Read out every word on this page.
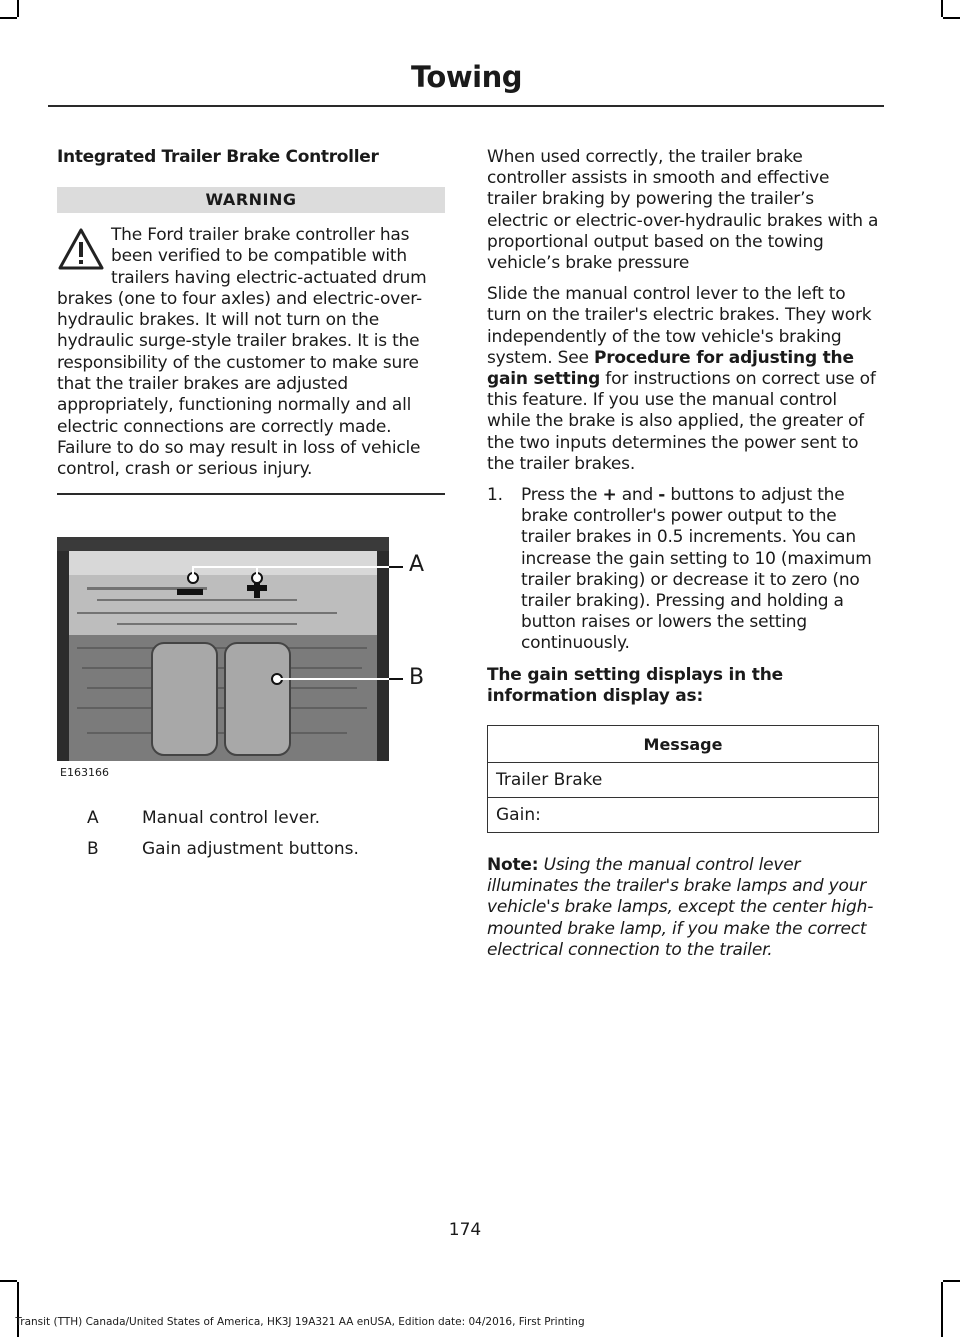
Towing
Integrated Trailer Brake Controller
WARNING
The Ford trailer brake controller has been verified to be compatible with trailers having electric-actuated drum brakes (one to four axles) and electric-over-hydraulic brakes. It will not turn on the hydraulic surge-style trailer brakes. It is the responsibility of the customer to make sure that the trailer brakes are adjusted appropriately, functioning normally and all electric connections are correctly made. Failure to do so may result in loss of vehicle control, crash or serious injury.
A
B
E163166
A	Manual control lever.
B	Gain adjustment buttons.

When used correctly, the trailer brake controller assists in smooth and effective trailer braking by powering the trailer’s electric or electric-over-hydraulic brakes with a proportional output based on the towing vehicle’s brake pressure

Slide the manual control lever to the left to turn on the trailer's electric brakes. They work independently of the tow vehicle's braking system. See Procedure for adjusting the gain setting for instructions on correct use of this feature. If you use the manual control while the brake is also applied, the greater of the two inputs determines the power sent to the trailer brakes.

1.	Press the + and - buttons to adjust the brake controller's power output to the trailer brakes in 0.5 increments. You can increase the gain setting to 10 (maximum trailer braking) or decrease it to zero (no trailer braking). Pressing and holding a button raises or lowers the setting continuously.
The gain setting displays in the information display as:
Message
Trailer Brake
Gain:
Note: Using the manual control lever illuminates the trailer's brake lamps and your vehicle's brake lamps, except the center high-mounted brake lamp, if you make the correct electrical connection to the trailer.
174
Transit (TTH) Canada/United States of America, HK3J 19A321 AA enUSA, Edition date: 04/2016, First Printing
